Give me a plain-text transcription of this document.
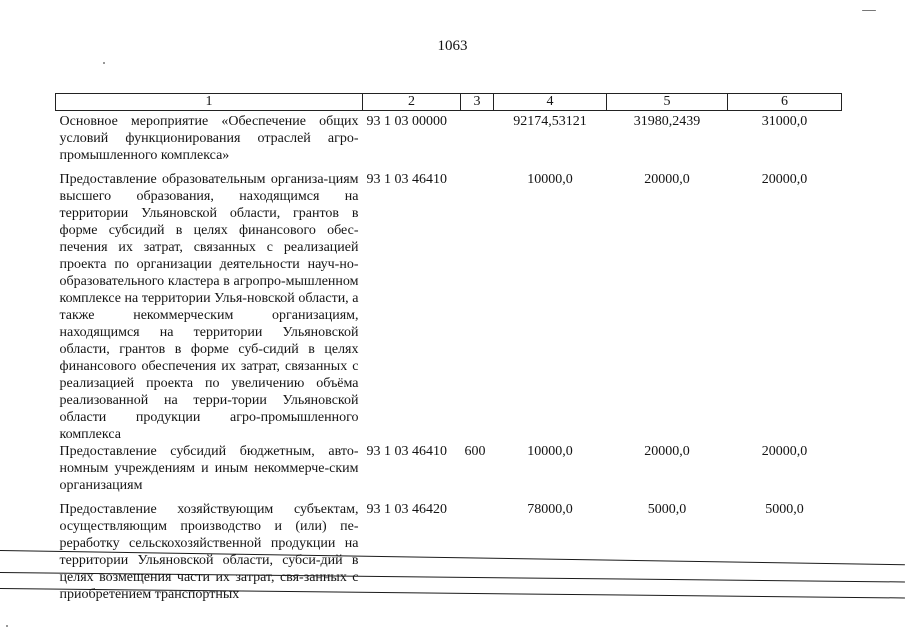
1063
1	2	3	4	5	6
Основное мероприятие «Обеспечение общих условий функционирования отраслей агро-промышленного комплекса»	93 1 03 00000		92174,53121	31980,2439	31000,0
Предоставление образовательным организа-циям высшего образования, находящимся на территории Ульяновской области, грантов в форме субсидий в целях финансового обес-печения их затрат, связанных с реализацией проекта по организации деятельности науч-но-образовательного кластера в агропро-мышленном комплексе на территории Улья-новской области, а также некоммерческим организациям, находящимся на территории Ульяновской области, грантов в форме суб-сидий в целях финансового обеспечения их затрат, связанных с реализацией проекта по увеличению объёма реализованной на терри-тории Ульяновской области продукции агро-промышленного комплекса	93 1 03 46410		10000,0	20000,0	20000,0
Предоставление субсидий бюджетным, авто-номным учреждениям и иным некоммерче-ским организациям	93 1 03 46410	600	10000,0	20000,0	20000,0
Предоставление хозяйствующим субъектам, осуществляющим производство и (или) пе-реработку сельскохозяйственной продукции на территории Ульяновской области, субси-дий в целях возмещения части их затрат, свя-занных с приобретением транспортных	93 1 03 46420		78000,0	5000,0	5000,0
